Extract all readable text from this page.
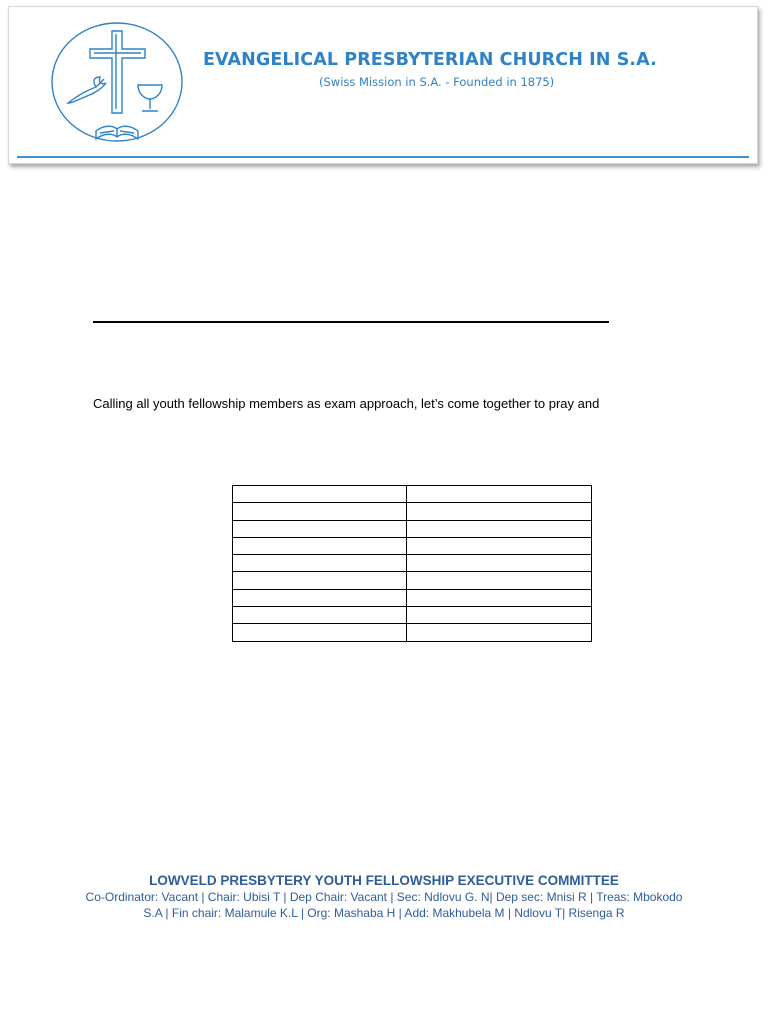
EVANGELICAL PRESBYTERIAN CHURCH IN S.A.
(Swiss Mission in S.A. - Founded in 1875)
Calling all youth fellowship members as exam approach, let’s come together to pray and

LOWVELD PRESBYTERY YOUTH FELLOWSHIP EXECUTIVE COMMITTEE
Co-Ordinator: Vacant | Chair: Ubisi T | Dep Chair: Vacant | Sec: Ndlovu G. N| Dep sec: Mnisi R | Treas: Mbokodo
S.A | Fin chair: Malamule K.L | Org: Mashaba H | Add: Makhubela M | Ndlovu T| Risenga R
